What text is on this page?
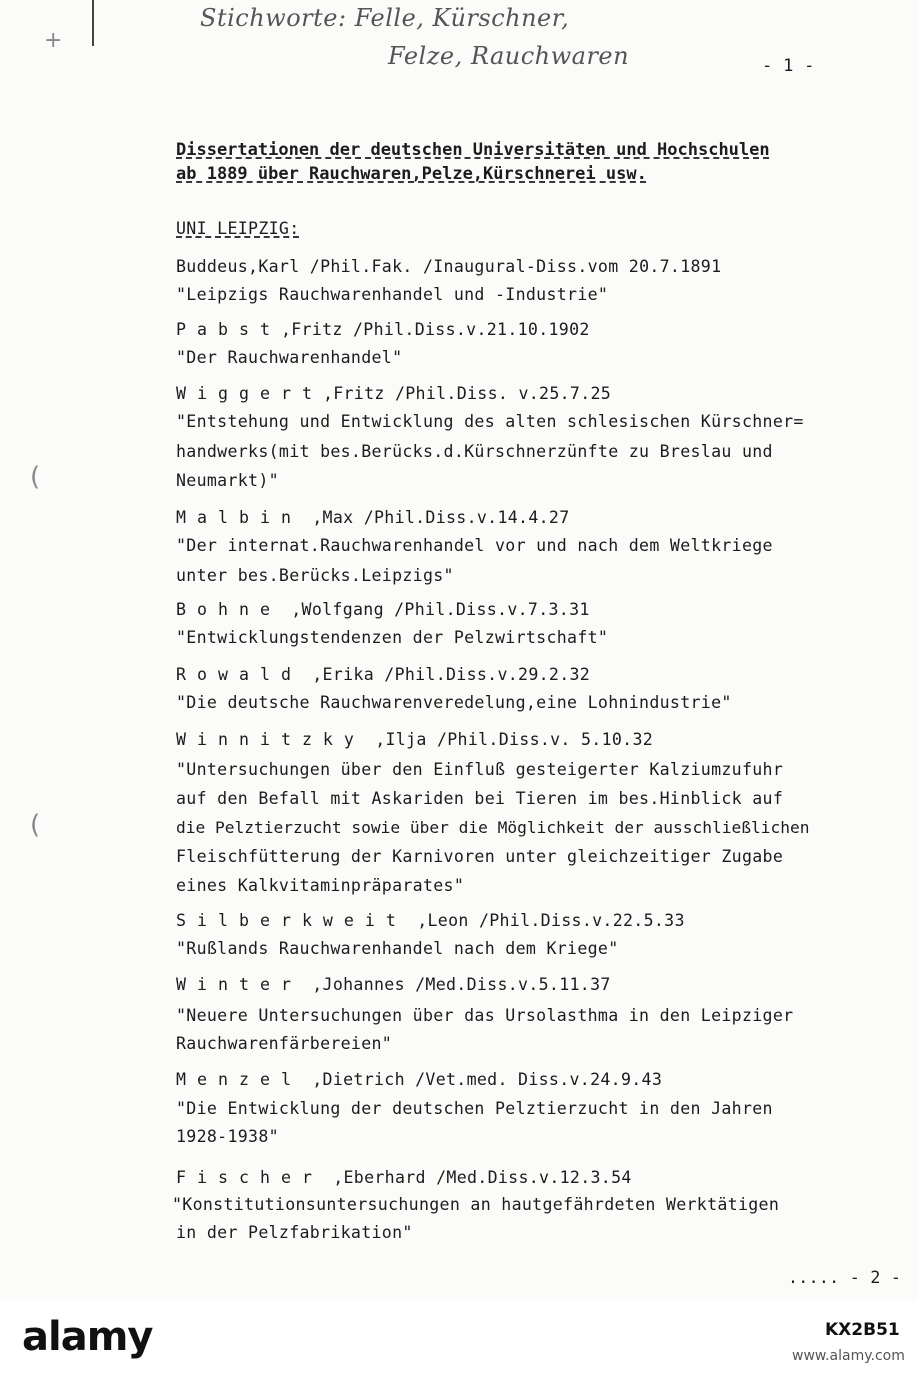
+
(
(
Stichworte: Felle, Kürschner,
Felze, Rauchwaren	- 1 -
Dissertationen der deutschen Universitäten und Hochschulen
ab 1889 über Rauchwaren,Pelze,Kürschnerei usw.
UNI LEIPZIG:
Buddeus,Karl /Phil.Fak. /Inaugural-Diss.vom 20.7.1891
"Leipzigs Rauchwarenhandel und -Industrie"
Pabst,Fritz /Phil.Diss.v.21.10.1902
"Der Rauchwarenhandel"
Wiggert,Fritz /Phil.Diss. v.25.7.25
"Entstehung und Entwicklung des alten schlesischen Kürschner=
handwerks(mit bes.Berücks.d.Kürschnerzünfte zu Breslau und
Neumarkt)"
Malbin ,Max /Phil.Diss.v.14.4.27
"Der internat.Rauchwarenhandel vor und nach dem Weltkriege
unter bes.Berücks.Leipzigs"
Bohne ,Wolfgang /Phil.Diss.v.7.3.31
"Entwicklungstendenzen der Pelzwirtschaft"
Rowald ,Erika /Phil.Diss.v.29.2.32
"Die deutsche Rauchwarenveredelung,eine Lohnindustrie"
Winnitzky ,Ilja /Phil.Diss.v. 5.10.32
"Untersuchungen über den Einfluß gesteigerter Kalziumzufuhr
auf den Befall mit Askariden bei Tieren im bes.Hinblick auf
die Pelztierzucht sowie über die Möglichkeit der ausschließlichen
Fleischfütterung der Karnivoren unter gleichzeitiger Zugabe
eines Kalkvitaminpräparates"
Silberkweit ,Leon /Phil.Diss.v.22.5.33
"Rußlands Rauchwarenhandel nach dem Kriege"
Winter ,Johannes /Med.Diss.v.5.11.37
"Neuere Untersuchungen über das Ursolasthma in den Leipziger
Rauchwarenfärbereien"
Menzel ,Dietrich /Vet.med. Diss.v.24.9.43
"Die Entwicklung der deutschen Pelztierzucht in den Jahren
1928-1938"
Fischer ,Eberhard /Med.Diss.v.12.3.54
"Konstitutionsuntersuchungen an hautgefährdeten Werktätigen
in der Pelzfabrikation"
..... - 2 -
alamy	KX2B51
www.alamy.com
